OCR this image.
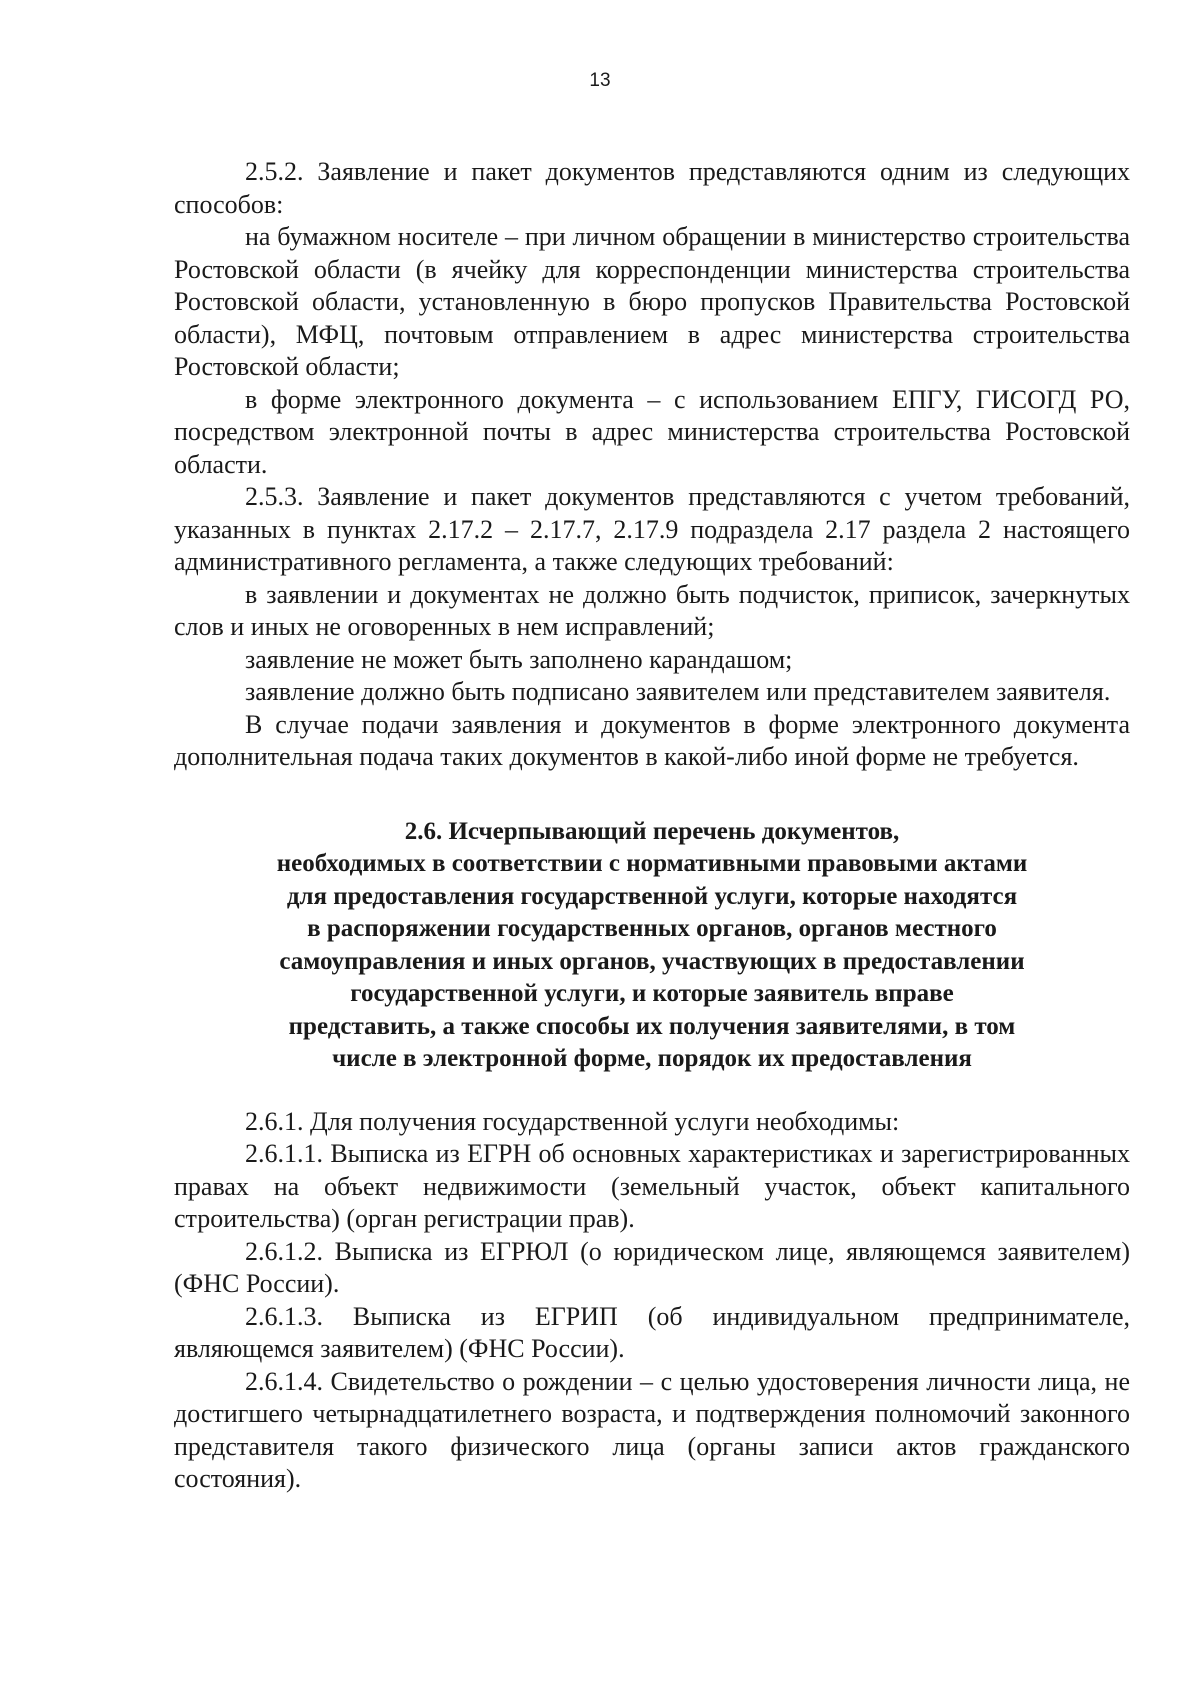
13

2.5.2. Заявление и пакет документов представляются одним из следующих способов:

на бумажном носителе – при личном обращении в министерство строительства Ростовской области (в ячейку для корреспонденции министерства строительства Ростовской области, установленную в бюро пропусков Правительства Ростовской области), МФЦ, почтовым отправлением в адрес министерства строительства Ростовской области;

в форме электронного документа – с использованием ЕПГУ, ГИСОГД РО, посредством электронной почты в адрес министерства строительства Ростовской области.

2.5.3. Заявление и пакет документов представляются с учетом требований, указанных в пунктах 2.17.2 – 2.17.7, 2.17.9 подраздела 2.17 раздела 2 настоящего административного регламента, а также следующих требований:

в заявлении и документах не должно быть подчисток, приписок, зачеркнутых слов и иных не оговоренных в нем исправлений;

заявление не может быть заполнено карандашом;

заявление должно быть подписано заявителем или представителем заявителя.

В случае подачи заявления и документов в форме электронного документа дополнительная подача таких документов в какой-либо иной форме не требуется.

2.6. Исчерпывающий перечень документов,
необходимых в соответствии с нормативными правовыми актами
для предоставления государственной услуги, которые находятся
в распоряжении государственных органов, органов местного
самоуправления и иных органов, участвующих в предоставлении
государственной услуги, и которые заявитель вправе
представить, а также способы их получения заявителями, в том
числе в электронной форме, порядок их предоставления

2.6.1. Для получения государственной услуги необходимы:

2.6.1.1. Выписка из ЕГРН об основных характеристиках и зарегистрированных правах на объект недвижимости (земельный участок, объект капитального строительства) (орган регистрации прав).

2.6.1.2. Выписка из ЕГРЮЛ (о юридическом лице, являющемся заявителем) (ФНС России).

2.6.1.3. Выписка из ЕГРИП (об индивидуальном предпринимателе, являющемся заявителем) (ФНС России).

2.6.1.4. Свидетельство о рождении – с целью удостоверения личности лица, не достигшего четырнадцатилетнего возраста, и подтверждения полномочий законного представителя такого физического лица (органы записи актов гражданского состояния).
